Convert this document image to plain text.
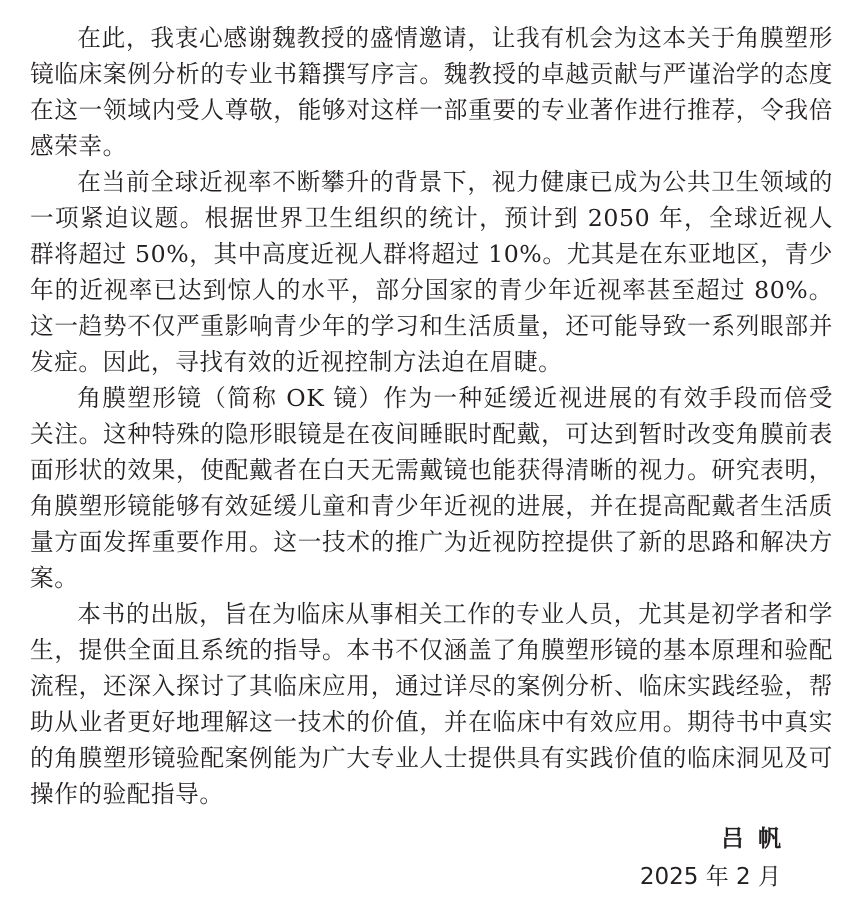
在此，我衷心感谢魏教授的盛情邀请，让我有机会为这本关于角膜塑形镜临床案例分析的专业书籍撰写序言。魏教授的卓越贡献与严谨治学的态度在这一领域内受人尊敬，能够对这样一部重要的专业著作进行推荐，令我倍感荣幸。

在当前全球近视率不断攀升的背景下，视力健康已成为公共卫生领域的一项紧迫议题。根据世界卫生组织的统计，预计到 2050 年，全球近视人群将超过 50%，其中高度近视人群将超过 10%。尤其是在东亚地区，青少年的近视率已达到惊人的水平，部分国家的青少年近视率甚至超过 80%。这一趋势不仅严重影响青少年的学习和生活质量，还可能导致一系列眼部并发症。因此，寻找有效的近视控制方法迫在眉睫。

角膜塑形镜（简称 OK 镜）作为一种延缓近视进展的有效手段而倍受关注。这种特殊的隐形眼镜是在夜间睡眠时配戴，可达到暂时改变角膜前表面形状的效果，使配戴者在白天无需戴镜也能获得清晰的视力。研究表明，角膜塑形镜能够有效延缓儿童和青少年近视的进展，并在提高配戴者生活质量方面发挥重要作用。这一技术的推广为近视防控提供了新的思路和解决方案。

本书的出版，旨在为临床从事相关工作的专业人员，尤其是初学者和学生，提供全面且系统的指导。本书不仅涵盖了角膜塑形镜的基本原理和验配流程，还深入探讨了其临床应用，通过详尽的案例分析、临床实践经验，帮助从业者更好地理解这一技术的价值，并在临床中有效应用。期待书中真实的角膜塑形镜验配案例能为广大专业人士提供具有实践价值的临床洞见及可操作的验配指导。

吕帆
2025 年 2 月
